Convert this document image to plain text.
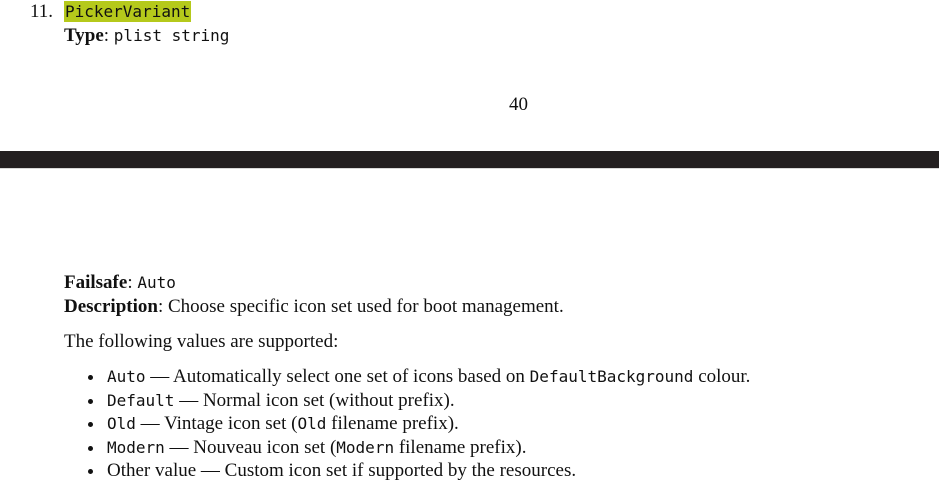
11. PickerVariant
Type: plist string
40
Failsafe: Auto
Description: Choose specific icon set used for boot management.
The following values are supported:
Auto — Automatically select one set of icons based on DefaultBackground colour.
Default — Normal icon set (without prefix).
Old — Vintage icon set (Old filename prefix).
Modern — Nouveau icon set (Modern filename prefix).
Other value — Custom icon set if supported by the resources.
